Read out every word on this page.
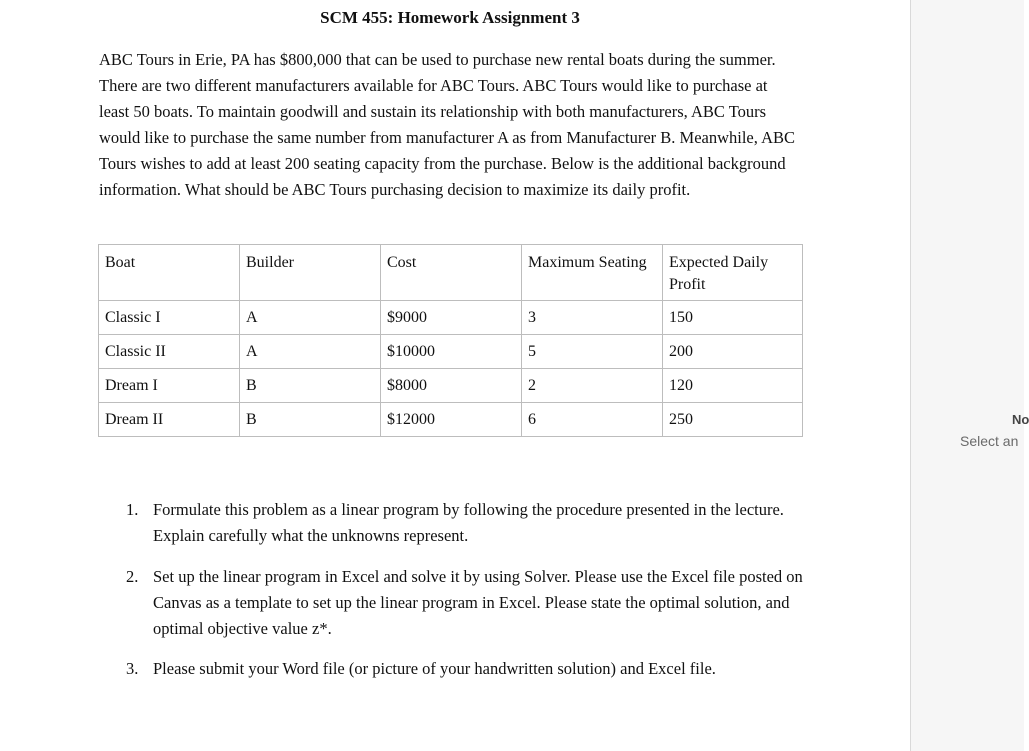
SCM 455: Homework Assignment 3

ABC Tours in Erie, PA has $800,000 that can be used to purchase new rental boats during the summer. There are two different manufacturers available for ABC Tours. ABC Tours would like to purchase at least 50 boats. To maintain goodwill and sustain its relationship with both manufacturers, ABC Tours would like to purchase the same number from manufacturer A as from Manufacturer B. Meanwhile, ABC Tours wishes to add at least 200 seating capacity from the purchase. Below is the additional background information. What should be ABC Tours purchasing decision to maximize its daily profit.

Boat	Builder	Cost	Maximum Seating	Expected Daily Profit
Classic I	A	$9000	3	150
Classic II	A	$10000	5	200
Dream I	B	$8000	2	120
Dream II	B	$12000	6	250
1. Formulate this problem as a linear program by following the procedure presented in the lecture. Explain carefully what the unknowns represent.
2. Set up the linear program in Excel and solve it by using Solver. Please use the Excel file posted on Canvas as a template to set up the linear program in Excel. Please state the optimal solution, and optimal objective value z*.
3. Please submit your Word file (or picture of your handwritten solution) and Excel file.
No
Select an
